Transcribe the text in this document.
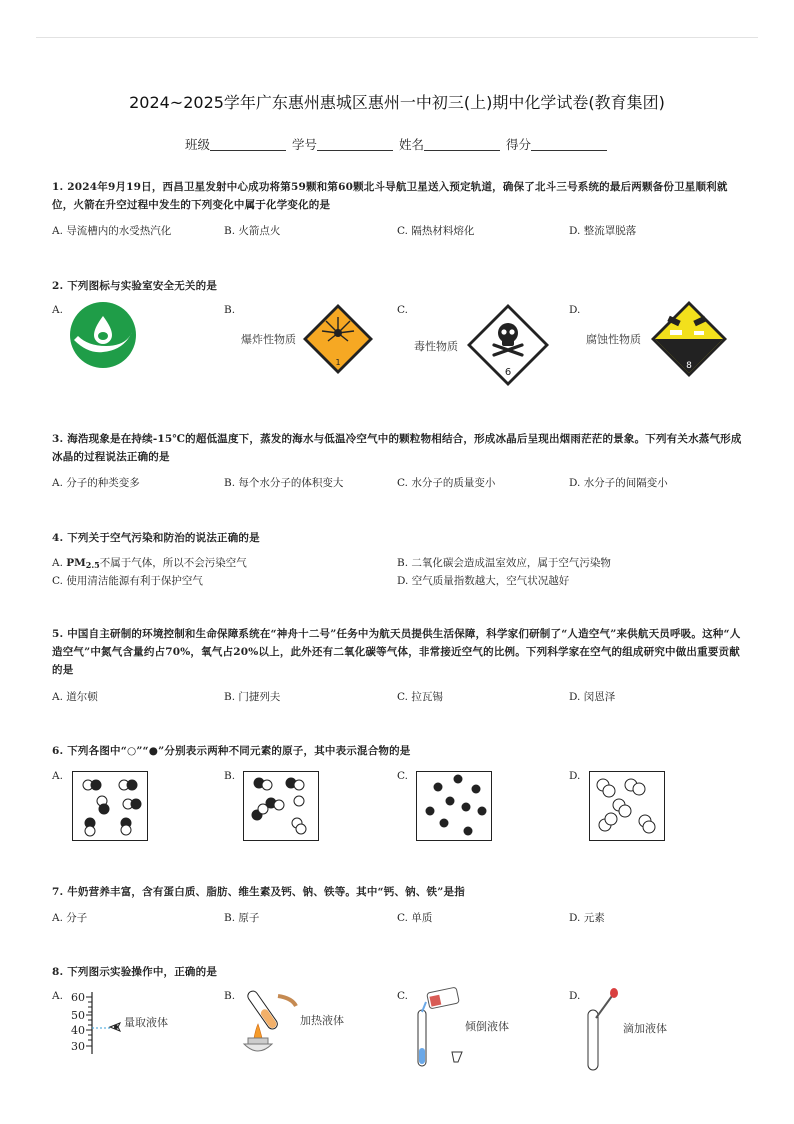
2024~2025学年广东惠州惠城区惠州一中初三(上)期中化学试卷(教育集团)
班级	学号	姓名	得分
1. 2024年9月19日，西昌卫星发射中心成功将第59颗和第60颗北斗导航卫星送入预定轨道，确保了北斗三号系统的最后两颗备份卫星顺利就位，火箭在升空过程中发生的下列变化中属于化学变化的是
A. 导流槽内的水受热汽化	B. 火箭点火	C. 隔热材料熔化	D. 整流罩脱落
2. 下列图标与实验室安全无关的是
A.	B.	C.	D.
爆炸性物质
1
毒性物质
6
腐蚀性物质
8
3. 海浩现象是在持续-15℃的超低温度下，蒸发的海水与低温冷空气中的颗粒物相结合，形成冰晶后呈现出烟雨茫茫的景象。下列有关水蒸气形成冰晶的过程说法正确的是
A. 分子的种类变多	B. 每个水分子的体积变大	C. 水分子的质量变小	D. 水分子的间隔变小
4. 下列关于空气污染和防治的说法正确的是
A. $PM_{2.5}$不属于气体，所以不会污染空气	B. 二氧化碳会造成温室效应，属于空气污染物
C. 使用清洁能源有利于保护空气	D. 空气质量指数越大，空气状况越好
5. 中国自主研制的环境控制和生命保障系统在“神舟十二号”任务中为航天员提供生活保障，科学家们研制了“人造空气”来供航天员呼吸。这种“人造空气”中氮气含量约占70%，氧气占20%以上，此外还有二氧化碳等气体，非常接近空气的比例。下列科学家在空气的组成研究中做出重要贡献的是
A. 道尔顿	B. 门捷列夫	C. 拉瓦锡	D. 闵恩泽
6. 下列各图中“○”“●”分别表示两种不同元素的原子，其中表示混合物的是
A.	B.	C.	D.
7. 牛奶营养丰富，含有蛋白质、脂肪、维生素及钙、钠、铁等。其中“钙、钠、铁”是指
A. 分子	B. 原子	C. 单质	D. 元素
8. 下列图示实验操作中，正确的是
A.	B.	C.	D.
60
50
40
30
量取液体	加热液体	倾倒液体	滴加液体
